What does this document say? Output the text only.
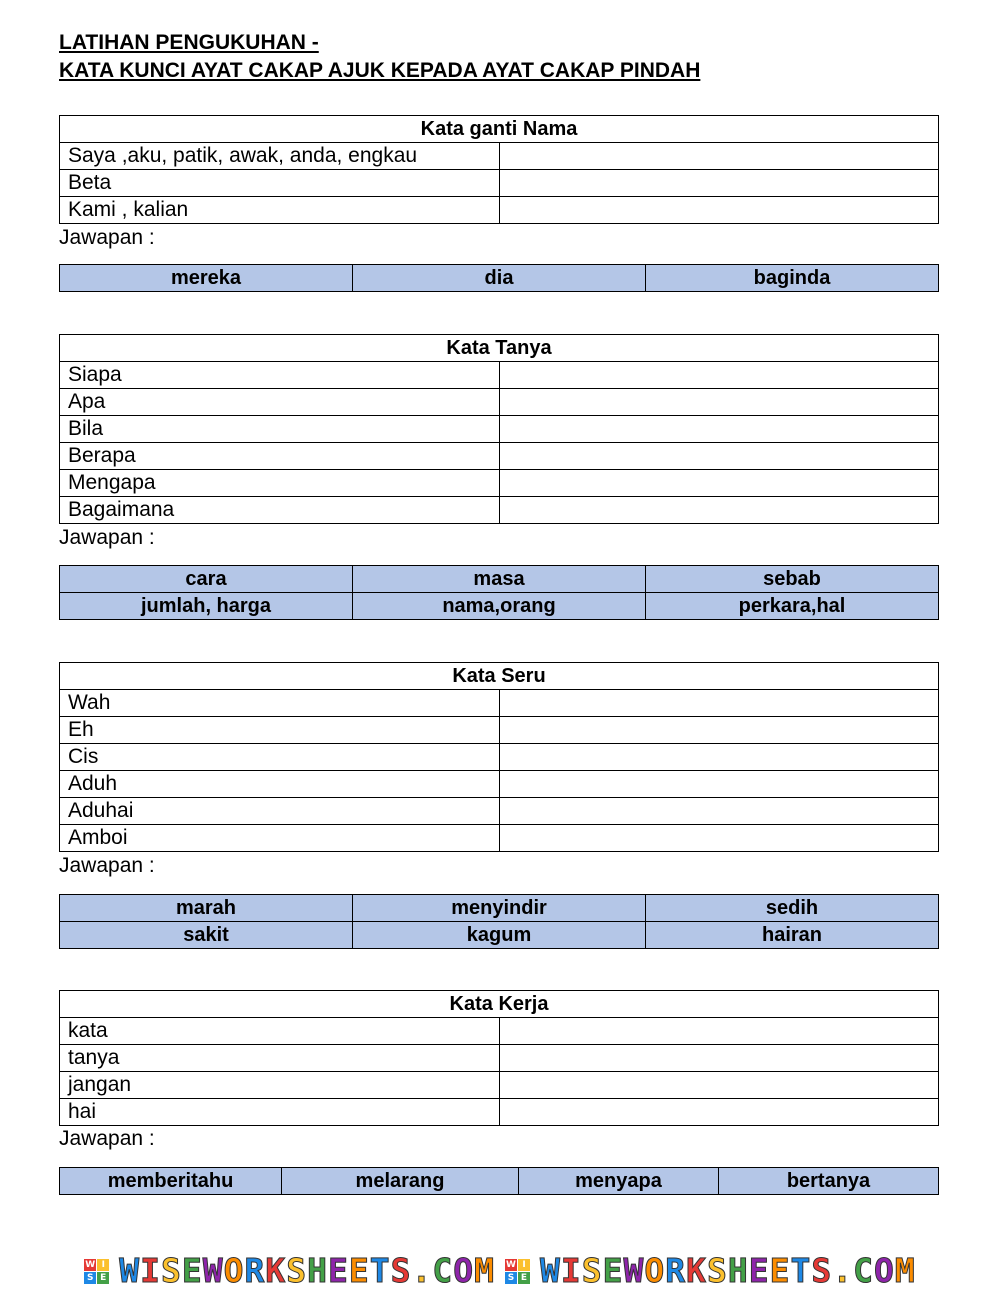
LATIHAN PENGUKUHAN -
KATA KUNCI AYAT CAKAP AJUK KEPADA AYAT CAKAP PINDAH
Kata ganti Nama	
Saya ,aku, patik, awak, anda, engkau	
Beta	
Kami , kalian	
Jawapan :
mereka	dia	baginda
Kata Tanya	
Siapa	
Apa	
Bila	
Berapa	
Mengapa	
Bagaimana	
Jawapan :
cara	masa	sebab
jumlah, harga	nama,orang	perkara,hal
Kata Seru	
Wah	
Eh	
Cis	
Aduh	
Aduhai	
Amboi	
Jawapan :
marah	menyindir	sedih
sakit	kagum	hairan
Kata Kerja	
kata	
tanya	
jangan	
hai	
Jawapan :
memberitahu	melarang	menyapa	bertanya
W I
S E WISEWORKSHEETS.COM W I
S E WISEWORKSHEETS.COM
